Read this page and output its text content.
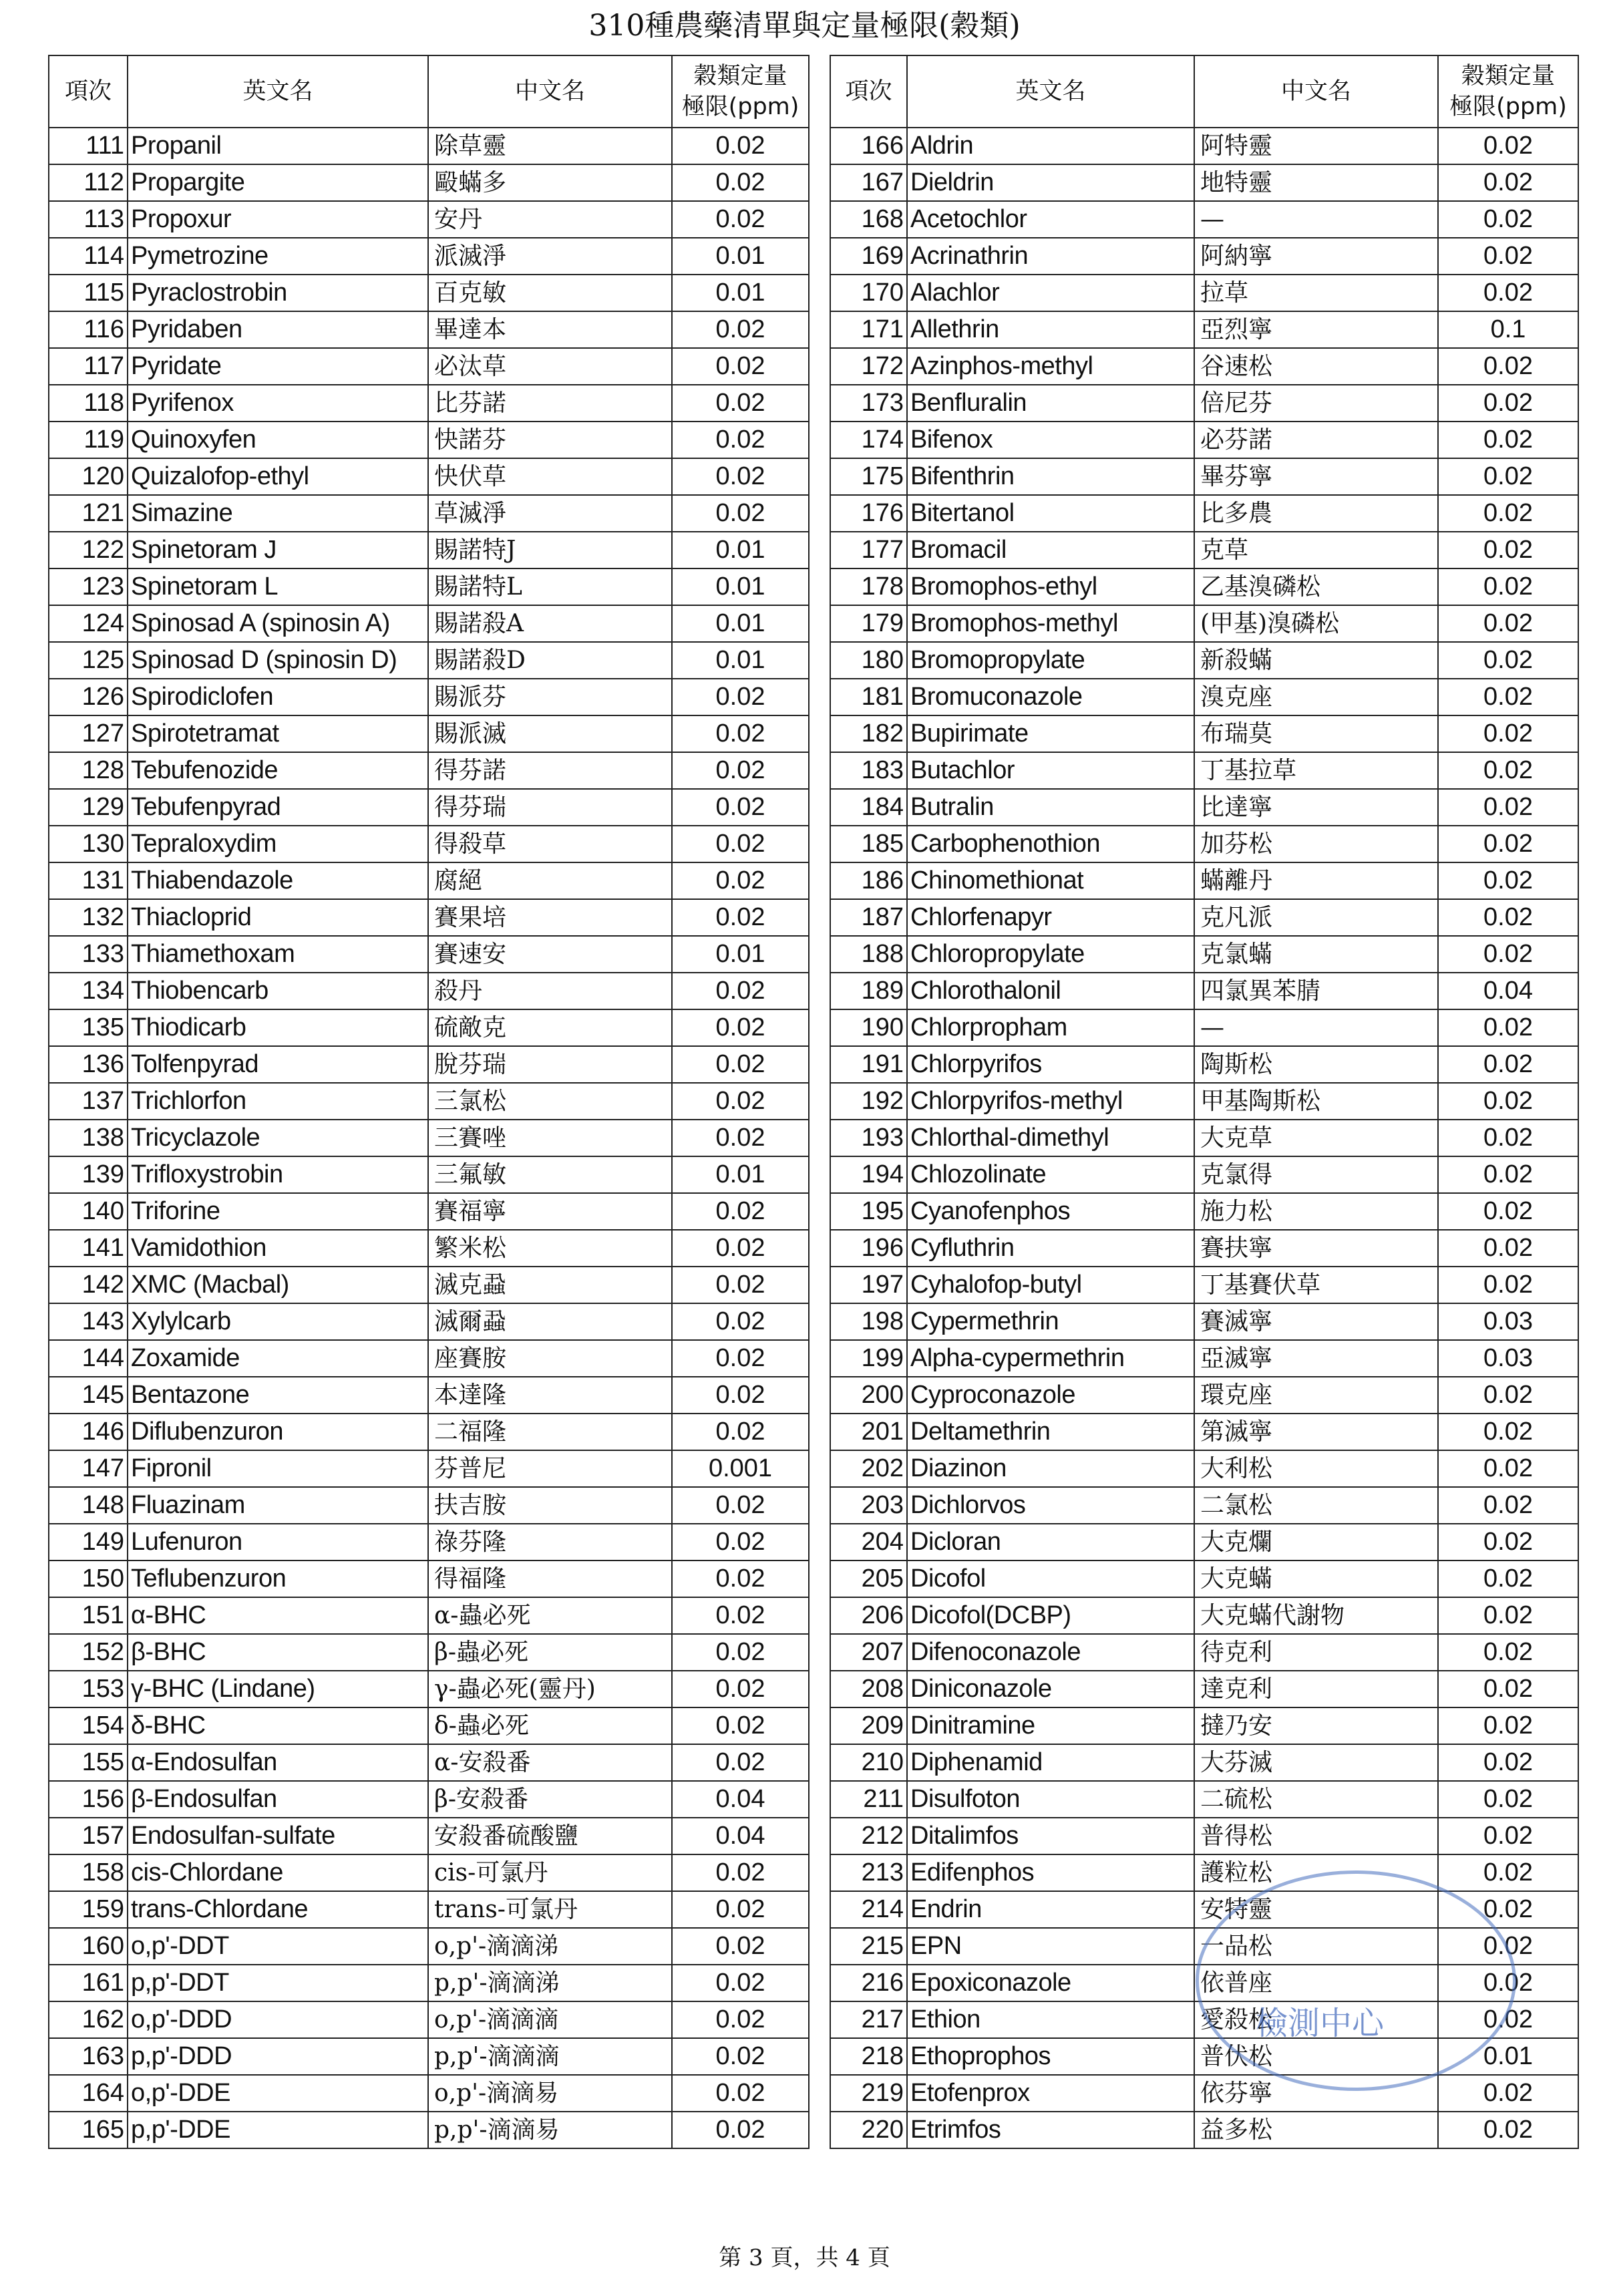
310種農藥清單與定量極限(穀類)
項次	英文名	中文名	穀類定量
極限(ppm)
111	Propanil	除草靈	0.02
112	Propargite	毆蟎多	0.02
113	Propoxur	安丹	0.02
114	Pymetrozine	派滅淨	0.01
115	Pyraclostrobin	百克敏	0.01
116	Pyridaben	畢達本	0.02
117	Pyridate	必汰草	0.02
118	Pyrifenox	比芬諾	0.02
119	Quinoxyfen	快諾芬	0.02
120	Quizalofop-ethyl	快伏草	0.02
121	Simazine	草滅淨	0.02
122	Spinetoram J	賜諾特J	0.01
123	Spinetoram L	賜諾特L	0.01
124	Spinosad A (spinosin A)	賜諾殺A	0.01
125	Spinosad D (spinosin D)	賜諾殺D	0.01
126	Spirodiclofen	賜派芬	0.02
127	Spirotetramat	賜派滅	0.02
128	Tebufenozide	得芬諾	0.02
129	Tebufenpyrad	得芬瑞	0.02
130	Tepraloxydim	得殺草	0.02
131	Thiabendazole	腐絕	0.02
132	Thiacloprid	賽果培	0.02
133	Thiamethoxam	賽速安	0.01
134	Thiobencarb	殺丹	0.02
135	Thiodicarb	硫敵克	0.02
136	Tolfenpyrad	脫芬瑞	0.02
137	Trichlorfon	三氯松	0.02
138	Tricyclazole	三賽唑	0.02
139	Trifloxystrobin	三氟敏	0.01
140	Triforine	賽福寧	0.02
141	Vamidothion	繁米松	0.02
142	XMC (Macbal)	滅克蝨	0.02
143	Xylylcarb	滅爾蝨	0.02
144	Zoxamide	座賽胺	0.02
145	Bentazone	本達隆	0.02
146	Diflubenzuron	二福隆	0.02
147	Fipronil	芬普尼	0.001
148	Fluazinam	扶吉胺	0.02
149	Lufenuron	祿芬隆	0.02
150	Teflubenzuron	得福隆	0.02
151	α-BHC	α-蟲必死	0.02
152	β-BHC	β-蟲必死	0.02
153	γ-BHC (Lindane)	γ-蟲必死(靈丹)	0.02
154	δ-BHC	δ-蟲必死	0.02
155	α-Endosulfan	α-安殺番	0.02
156	β-Endosulfan	β-安殺番	0.04
157	Endosulfan-sulfate	安殺番硫酸鹽	0.04
158	cis-Chlordane	cis-可氯丹	0.02
159	trans-Chlordane	trans-可氯丹	0.02
160	o,p'-DDT	o,p'-滴滴涕	0.02
161	p,p'-DDT	p,p'-滴滴涕	0.02
162	o,p'-DDD	o,p'-滴滴滴	0.02
163	p,p'-DDD	p,p'-滴滴滴	0.02
164	o,p'-DDE	o,p'-滴滴易	0.02
165	p,p'-DDE	p,p'-滴滴易	0.02
項次	英文名	中文名	穀類定量
極限(ppm)
166	Aldrin	阿特靈	0.02
167	Dieldrin	地特靈	0.02
168	Acetochlor	—	0.02
169	Acrinathrin	阿納寧	0.02
170	Alachlor	拉草	0.02
171	Allethrin	亞烈寧	0.1
172	Azinphos-methyl	谷速松	0.02
173	Benfluralin	倍尼芬	0.02
174	Bifenox	必芬諾	0.02
175	Bifenthrin	畢芬寧	0.02
176	Bitertanol	比多農	0.02
177	Bromacil	克草	0.02
178	Bromophos-ethyl	乙基溴磷松	0.02
179	Bromophos-methyl	(甲基)溴磷松	0.02
180	Bromopropylate	新殺蟎	0.02
181	Bromuconazole	溴克座	0.02
182	Bupirimate	布瑞莫	0.02
183	Butachlor	丁基拉草	0.02
184	Butralin	比達寧	0.02
185	Carbophenothion	加芬松	0.02
186	Chinomethionat	蟎離丹	0.02
187	Chlorfenapyr	克凡派	0.02
188	Chloropropylate	克氯蟎	0.02
189	Chlorothalonil	四氯異苯腈	0.04
190	Chlorpropham	—	0.02
191	Chlorpyrifos	陶斯松	0.02
192	Chlorpyrifos-methyl	甲基陶斯松	0.02
193	Chlorthal-dimethyl	大克草	0.02
194	Chlozolinate	克氯得	0.02
195	Cyanofenphos	施力松	0.02
196	Cyfluthrin	賽扶寧	0.02
197	Cyhalofop-butyl	丁基賽伏草	0.02
198	Cypermethrin	賽滅寧	0.03
199	Alpha-cypermethrin	亞滅寧	0.03
200	Cyproconazole	環克座	0.02
201	Deltamethrin	第滅寧	0.02
202	Diazinon	大利松	0.02
203	Dichlorvos	二氯松	0.02
204	Dicloran	大克爛	0.02
205	Dicofol	大克蟎	0.02
206	Dicofol(DCBP)	大克蟎代謝物	0.02
207	Difenoconazole	待克利	0.02
208	Diniconazole	達克利	0.02
209	Dinitramine	撻乃安	0.02
210	Diphenamid	大芬滅	0.02
211	Disulfoton	二硫松	0.02
212	Ditalimfos	普得松	0.02
213	Edifenphos	護粒松	0.02
214	Endrin	安特靈	0.02
215	EPN	一品松	0.02
216	Epoxiconazole	依普座	0.02
217	Ethion	愛殺松	0.02
218	Ethoprophos	普伏松	0.01
219	Etofenprox	依芬寧	0.02
220	Etrimfos	益多松	0.02
檢測中心
第 3 頁，共 4 頁
